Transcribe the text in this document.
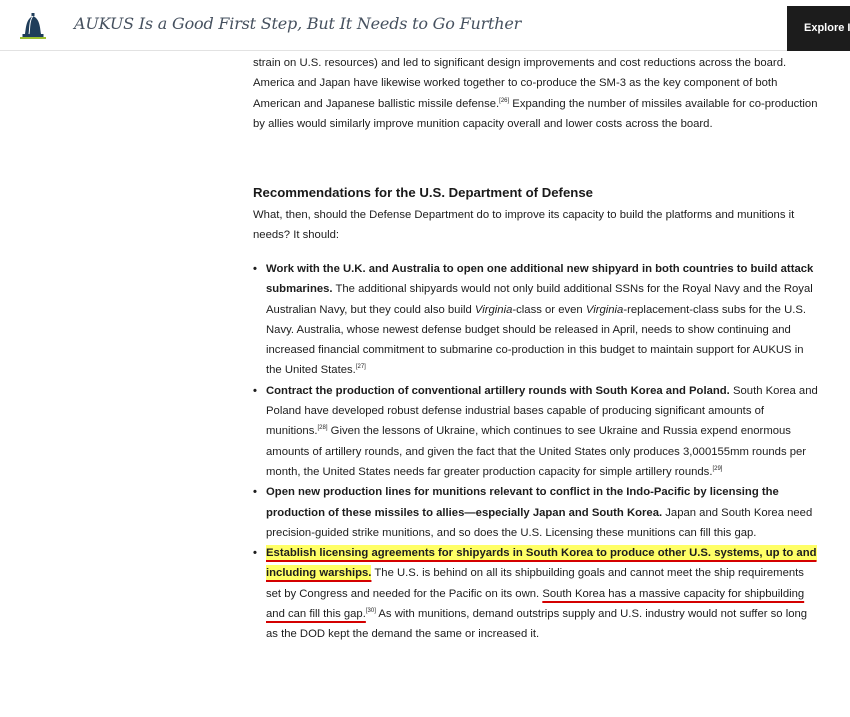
AUKUS Is a Good First Step, But It Needs to Go Further	Explore I

strain on U.S. resources) and led to significant design improvements and cost reductions across the board. America and Japan have likewise worked together to co-produce the SM-3 as the key component of both American and Japanese ballistic missile defense.[26] Expanding the number of missiles available for co-production by allies would similarly improve munition capacity overall and lower costs across the board.

Recommendations for the U.S. Department of Defense

What, then, should the Defense Department do to improve its capacity to build the platforms and munitions it needs? It should:

• Work with the U.K. and Australia to open one additional new shipyard in both countries to build attack submarines. The additional shipyards would not only build additional SSNs for the Royal Navy and the Royal Australian Navy, but they could also build Virginia-class or even Virginia-replacement-class subs for the U.S. Navy. Australia, whose newest defense budget should be released in April, needs to show continuing and increased financial commitment to submarine co-production in this budget to maintain support for AUKUS in the United States.[27]
• Contract the production of conventional artillery rounds with South Korea and Poland. South Korea and Poland have developed robust defense industrial bases capable of producing significant amounts of munitions.[28] Given the lessons of Ukraine, which continues to see Ukraine and Russia expend enormous amounts of artillery rounds, and given the fact that the United States only produces 3,000155mm rounds per month, the United States needs far greater production capacity for simple artillery rounds.[29]
• Open new production lines for munitions relevant to conflict in the Indo-Pacific by licensing the production of these missiles to allies—especially Japan and South Korea. Japan and South Korea need precision-guided strike munitions, and so does the U.S. Licensing these munitions can fill this gap.
• Establish licensing agreements for shipyards in South Korea to produce other U.S. systems, up to and including warships. The U.S. is behind on all its shipbuilding goals and cannot meet the ship requirements set by Congress and needed for the Pacific on its own. South Korea has a massive capacity for shipbuilding and can fill this gap.[30] As with munitions, demand outstrips supply and U.S. industry would not suffer so long as the DOD kept the demand the same or increased it.
